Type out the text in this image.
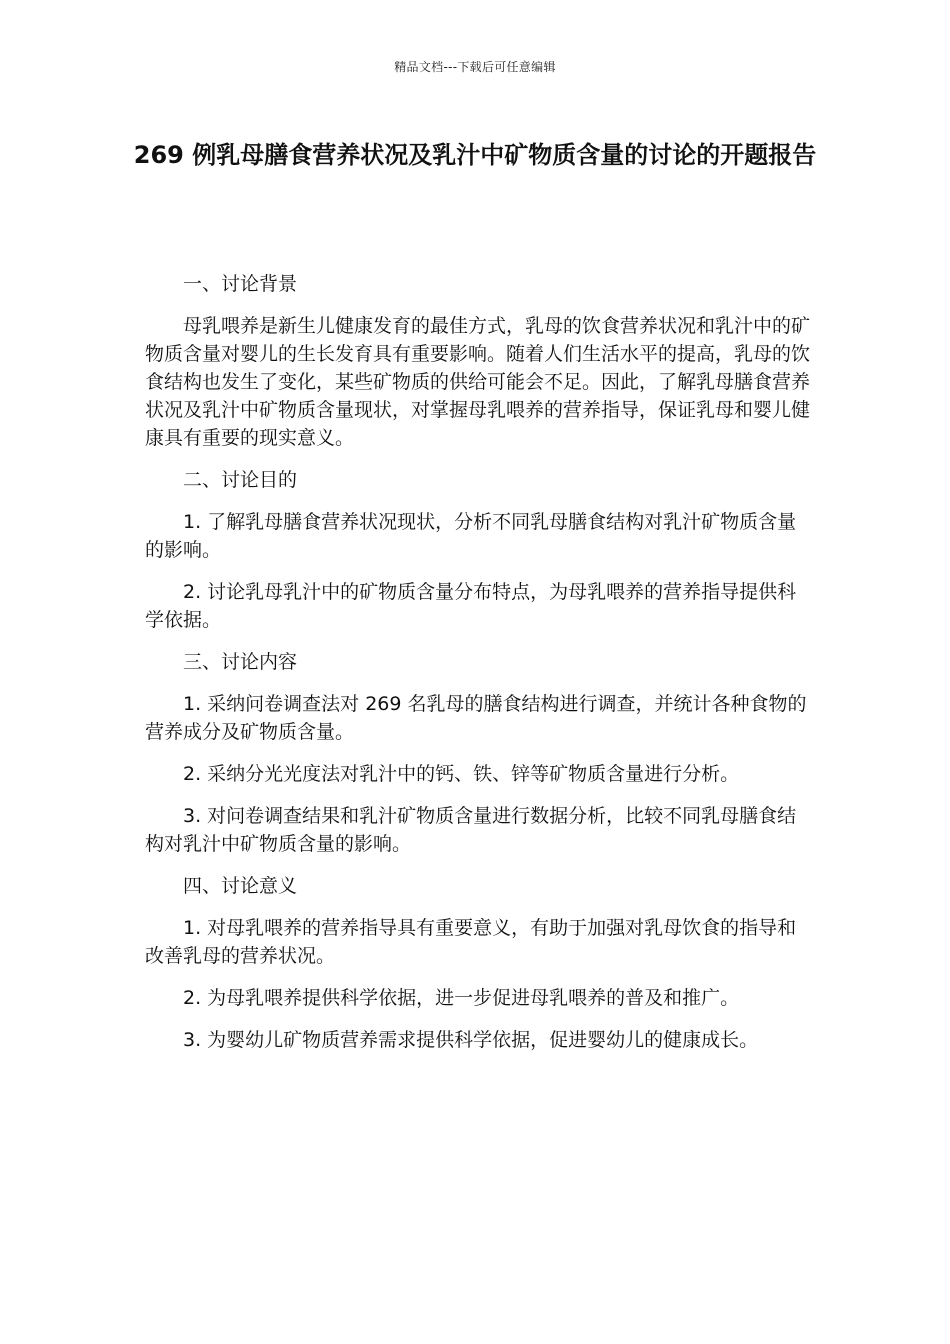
精品文档---下载后可任意编辑
269 例乳母膳食营养状况及乳汁中矿物质含量的讨论的开题报告

一、讨论背景

母乳喂养是新生儿健康发育的最佳方式，乳母的饮食营养状况和乳汁中的矿物质含量对婴儿的生长发育具有重要影响。随着人们生活水平的提高，乳母的饮食结构也发生了变化，某些矿物质的供给可能会不足。因此，了解乳母膳食营养状况及乳汁中矿物质含量现状，对掌握母乳喂养的营养指导，保证乳母和婴儿健康具有重要的现实意义。

二、讨论目的

1. 了解乳母膳食营养状况现状，分析不同乳母膳食结构对乳汁矿物质含量的影响。

2. 讨论乳母乳汁中的矿物质含量分布特点，为母乳喂养的营养指导提供科学依据。

三、讨论内容

1. 采纳问卷调查法对 269 名乳母的膳食结构进行调查，并统计各种食物的营养成分及矿物质含量。

2. 采纳分光光度法对乳汁中的钙、铁、锌等矿物质含量进行分析。

3. 对问卷调查结果和乳汁矿物质含量进行数据分析，比较不同乳母膳食结构对乳汁中矿物质含量的影响。

四、讨论意义

1. 对母乳喂养的营养指导具有重要意义，有助于加强对乳母饮食的指导和改善乳母的营养状况。

2. 为母乳喂养提供科学依据，进一步促进母乳喂养的普及和推广。

3. 为婴幼儿矿物质营养需求提供科学依据，促进婴幼儿的健康成长。
